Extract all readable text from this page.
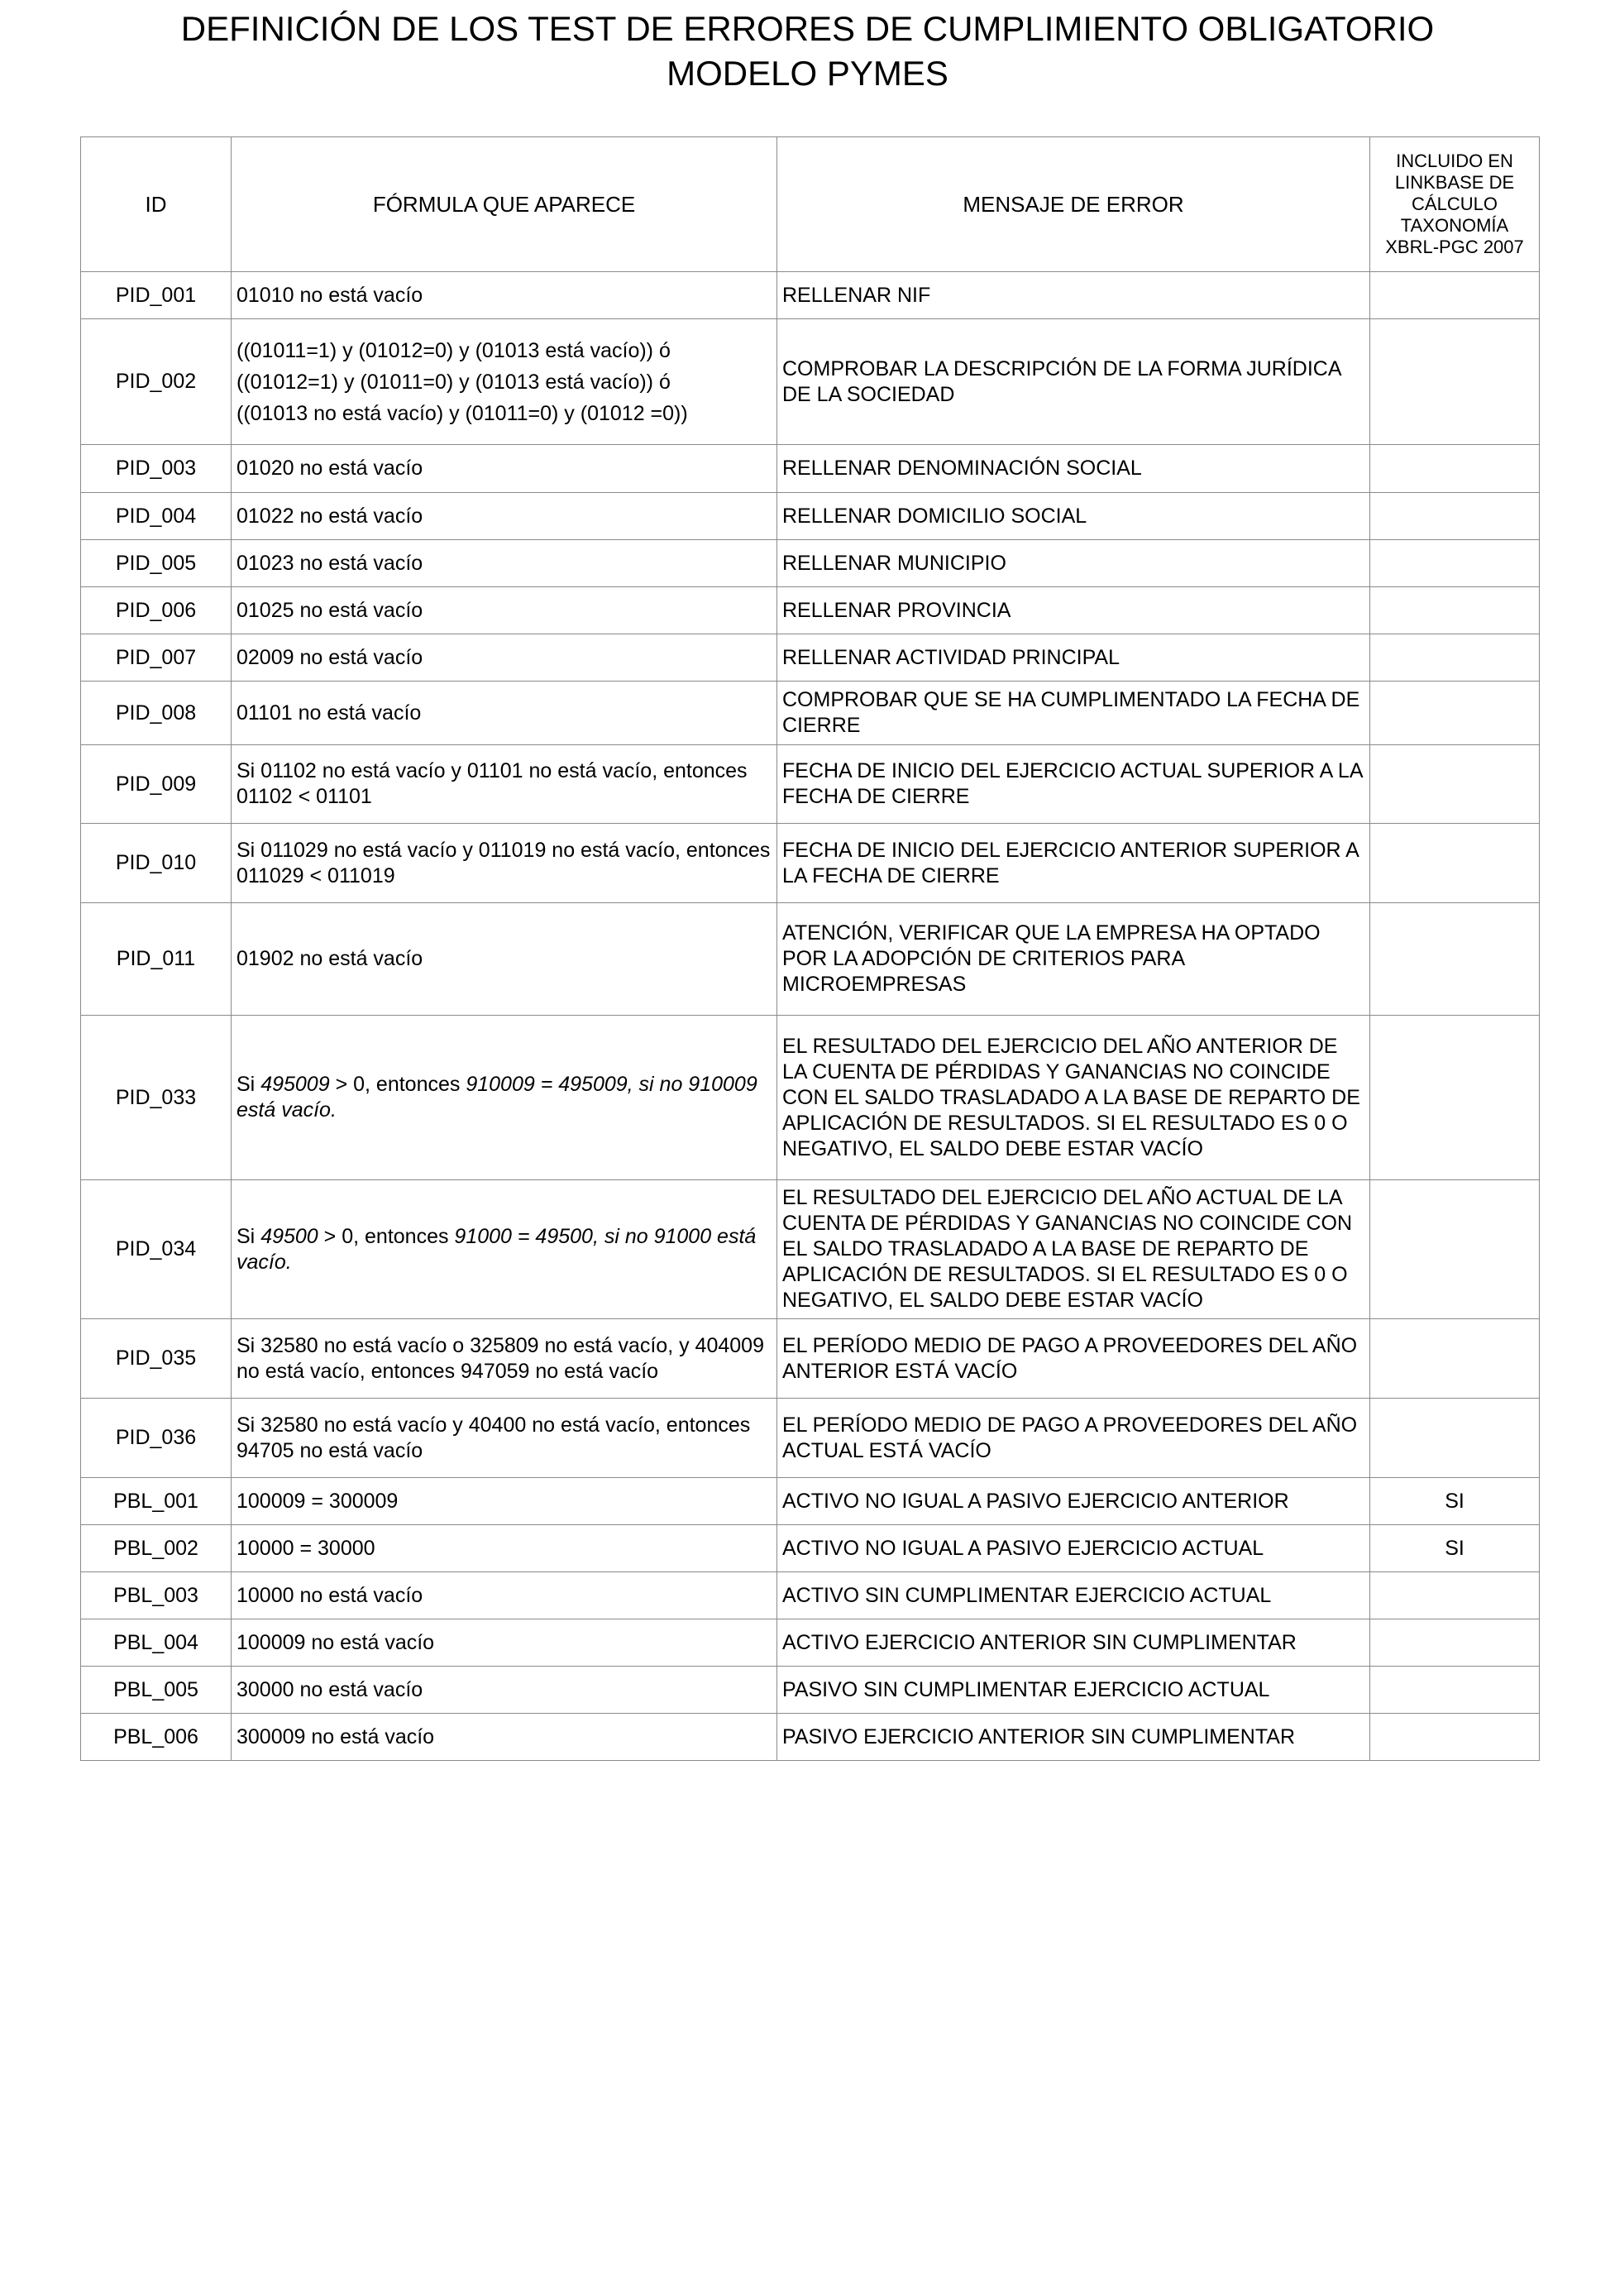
DEFINICIÓN DE LOS TEST DE ERRORES DE CUMPLIMIENTO OBLIGATORIO
MODELO PYMES
ID	FÓRMULA QUE APARECE	MENSAJE DE ERROR	INCLUIDO EN LINKBASE DE CÁLCULO TAXONOMÍA XBRL-PGC 2007
PID_001	01010 no está vacío	RELLENAR NIF	
PID_002	((01011=1) y (01012=0) y (01013 está vacío)) ó
((01012=1) y (01011=0) y (01013 está vacío)) ó
((01013 no está vacío) y (01011=0) y (01012 =0))	COMPROBAR LA DESCRIPCIÓN DE LA FORMA JURÍDICA DE LA SOCIEDAD	
PID_003	01020 no está vacío	RELLENAR DENOMINACIÓN SOCIAL	
PID_004	01022 no está vacío	RELLENAR DOMICILIO SOCIAL	
PID_005	01023 no está vacío	RELLENAR MUNICIPIO	
PID_006	01025 no está vacío	RELLENAR PROVINCIA	
PID_007	02009 no está vacío	RELLENAR ACTIVIDAD PRINCIPAL	
PID_008	01101 no está vacío	COMPROBAR QUE SE HA CUMPLIMENTADO LA FECHA DE CIERRE	
PID_009	Si 01102 no está vacío y 01101 no está vacío, entonces 01102 < 01101	FECHA DE INICIO DEL EJERCICIO ACTUAL SUPERIOR A LA FECHA DE CIERRE	
PID_010	Si 011029 no está vacío y 011019 no está vacío, entonces 011029 < 011019	FECHA DE INICIO DEL EJERCICIO ANTERIOR SUPERIOR A LA FECHA DE CIERRE	
PID_011	01902 no está vacío	ATENCIÓN, VERIFICAR QUE LA EMPRESA HA OPTADO POR LA ADOPCIÓN DE CRITERIOS PARA MICROEMPRESAS	
PID_033	Si 495009 > 0, entonces 910009 = 495009, si no 910009 está vacío.	EL RESULTADO DEL EJERCICIO DEL AÑO ANTERIOR DE LA CUENTA DE PÉRDIDAS Y GANANCIAS NO COINCIDE CON EL SALDO TRASLADADO A LA BASE DE REPARTO DE APLICACIÓN DE RESULTADOS. SI EL RESULTADO ES 0 O NEGATIVO, EL SALDO DEBE ESTAR VACÍO	
PID_034	Si 49500 > 0, entonces 91000 = 49500, si no 91000 está vacío.	EL RESULTADO DEL EJERCICIO DEL AÑO ACTUAL DE LA CUENTA DE PÉRDIDAS Y GANANCIAS NO COINCIDE CON EL SALDO TRASLADADO A LA BASE DE REPARTO DE APLICACIÓN DE RESULTADOS. SI EL RESULTADO ES 0 O NEGATIVO, EL SALDO DEBE ESTAR VACÍO	
PID_035	Si 32580 no está vacío o 325809 no está vacío, y 404009 no está vacío, entonces 947059 no está vacío	EL PERÍODO MEDIO DE PAGO A PROVEEDORES DEL AÑO ANTERIOR ESTÁ VACÍO	
PID_036	Si 32580 no está vacío y 40400 no está vacío, entonces 94705 no está vacío	EL PERÍODO MEDIO DE PAGO A PROVEEDORES DEL AÑO ACTUAL ESTÁ VACÍO	
PBL_001	100009 = 300009	ACTIVO NO IGUAL A PASIVO EJERCICIO ANTERIOR	SI
PBL_002	10000 = 30000	ACTIVO NO IGUAL A PASIVO EJERCICIO ACTUAL	SI
PBL_003	10000 no está vacío	ACTIVO SIN CUMPLIMENTAR EJERCICIO ACTUAL	
PBL_004	100009 no está vacío	ACTIVO EJERCICIO ANTERIOR SIN CUMPLIMENTAR	
PBL_005	30000 no está vacío	PASIVO SIN CUMPLIMENTAR EJERCICIO ACTUAL	
PBL_006	300009 no está vacío	PASIVO EJERCICIO ANTERIOR SIN CUMPLIMENTAR	
